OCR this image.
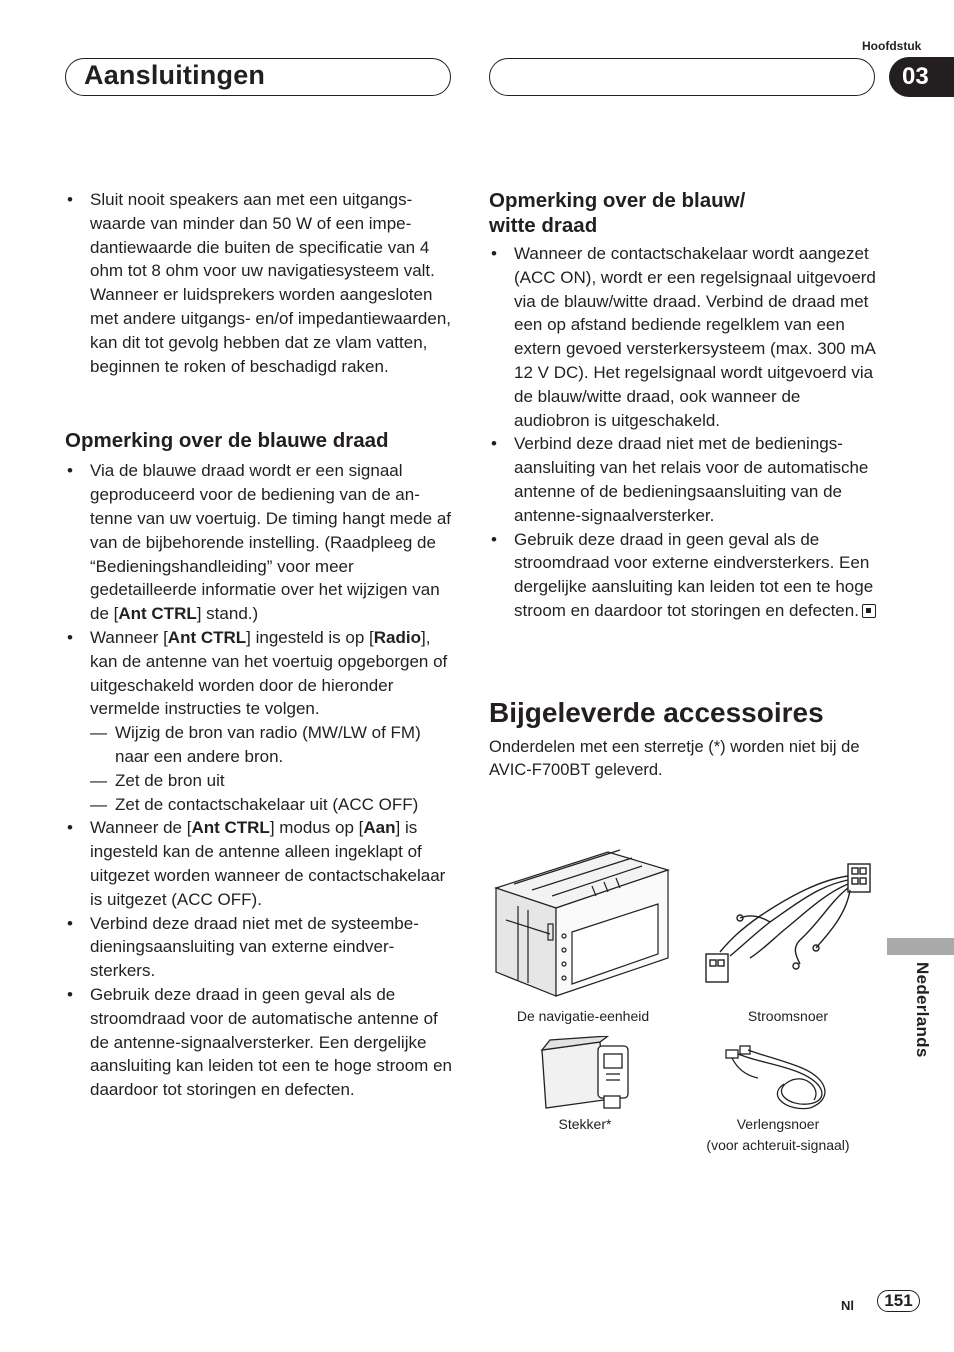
Aansluitingen
Hoofdstuk
03
• Sluit nooit speakers aan met een uitgangswaarde van minder dan 50 W of een impedantiewaarde die buiten de specificatie van 4 ohm tot 8 ohm voor uw navigatiesysteem valt. Wanneer er luidsprekers worden aangesloten met andere uitgangs- en/of impedantiewaarden, kan dit tot gevolg hebben dat ze vlam vatten, beginnen te roken of beschadigd raken.
Opmerking over de blauwe draad
• Via de blauwe draad wordt er een signaal geproduceerd voor de bediening van de antenne van uw voertuig. De timing hangt mede af van de bijbehorende instelling. (Raadpleeg de “Bedieningshandleiding” voor meer gedetailleerde informatie over het wijzigen van de [Ant CTRL] stand.)
• Wanneer [Ant CTRL] ingesteld is op [Radio], kan de antenne van het voertuig opgeborgen of uitgeschakeld worden door de hieronder vermelde instructies te volgen.
— Wijzig de bron van radio (MW/LW of FM) naar een andere bron.
— Zet de bron uit
— Zet de contactschakelaar uit (ACC OFF)
• Wanneer de [Ant CTRL] modus op [Aan] is ingesteld kan de antenne alleen ingeklapt of uitgezet worden wanneer de contactschakelaar is uitgezet (ACC OFF).
• Verbind deze draad niet met de systeembedieningsaansluiting van externe eindversterkers.
• Gebruik deze draad in geen geval als de stroomdraad voor de automatische antenne of de antenne-signaalversterker. Een dergelijke aansluiting kan leiden tot een te hoge stroom en daardoor tot storingen en defecten.
Opmerking over de blauw/
witte draad
• Wanneer de contactschakelaar wordt aangezet (ACC ON), wordt er een regelsignaal uitgevoerd via de blauw/witte draad. Verbind de draad met een op afstand bediende regelklem van een extern gevoed versterkersysteem (max. 300 mA 12 V DC). Het regelsignaal wordt uitgevoerd via de blauw/witte draad, ook wanneer de audiobron is uitgeschakeld.
• Verbind deze draad niet met de bedieningsaansluiting van het relais voor de automatische antenne of de bedieningsaansluiting van de antenne-signaalversterker.
• Gebruik deze draad in geen geval als de stroomdraad voor externe eindversterkers. Een dergelijke aansluiting kan leiden tot een te hoge stroom en daardoor tot storingen en defecten.
Bijgeleverde accessoires
Onderdelen met een sterretje (*) worden niet bij de AVIC-F700BT geleverd.
De navigatie-eenheid	Stroomsnoer
Stekker*	Verlengsnoer
(voor achteruit-signaal)
Nederlands
Nl	151
